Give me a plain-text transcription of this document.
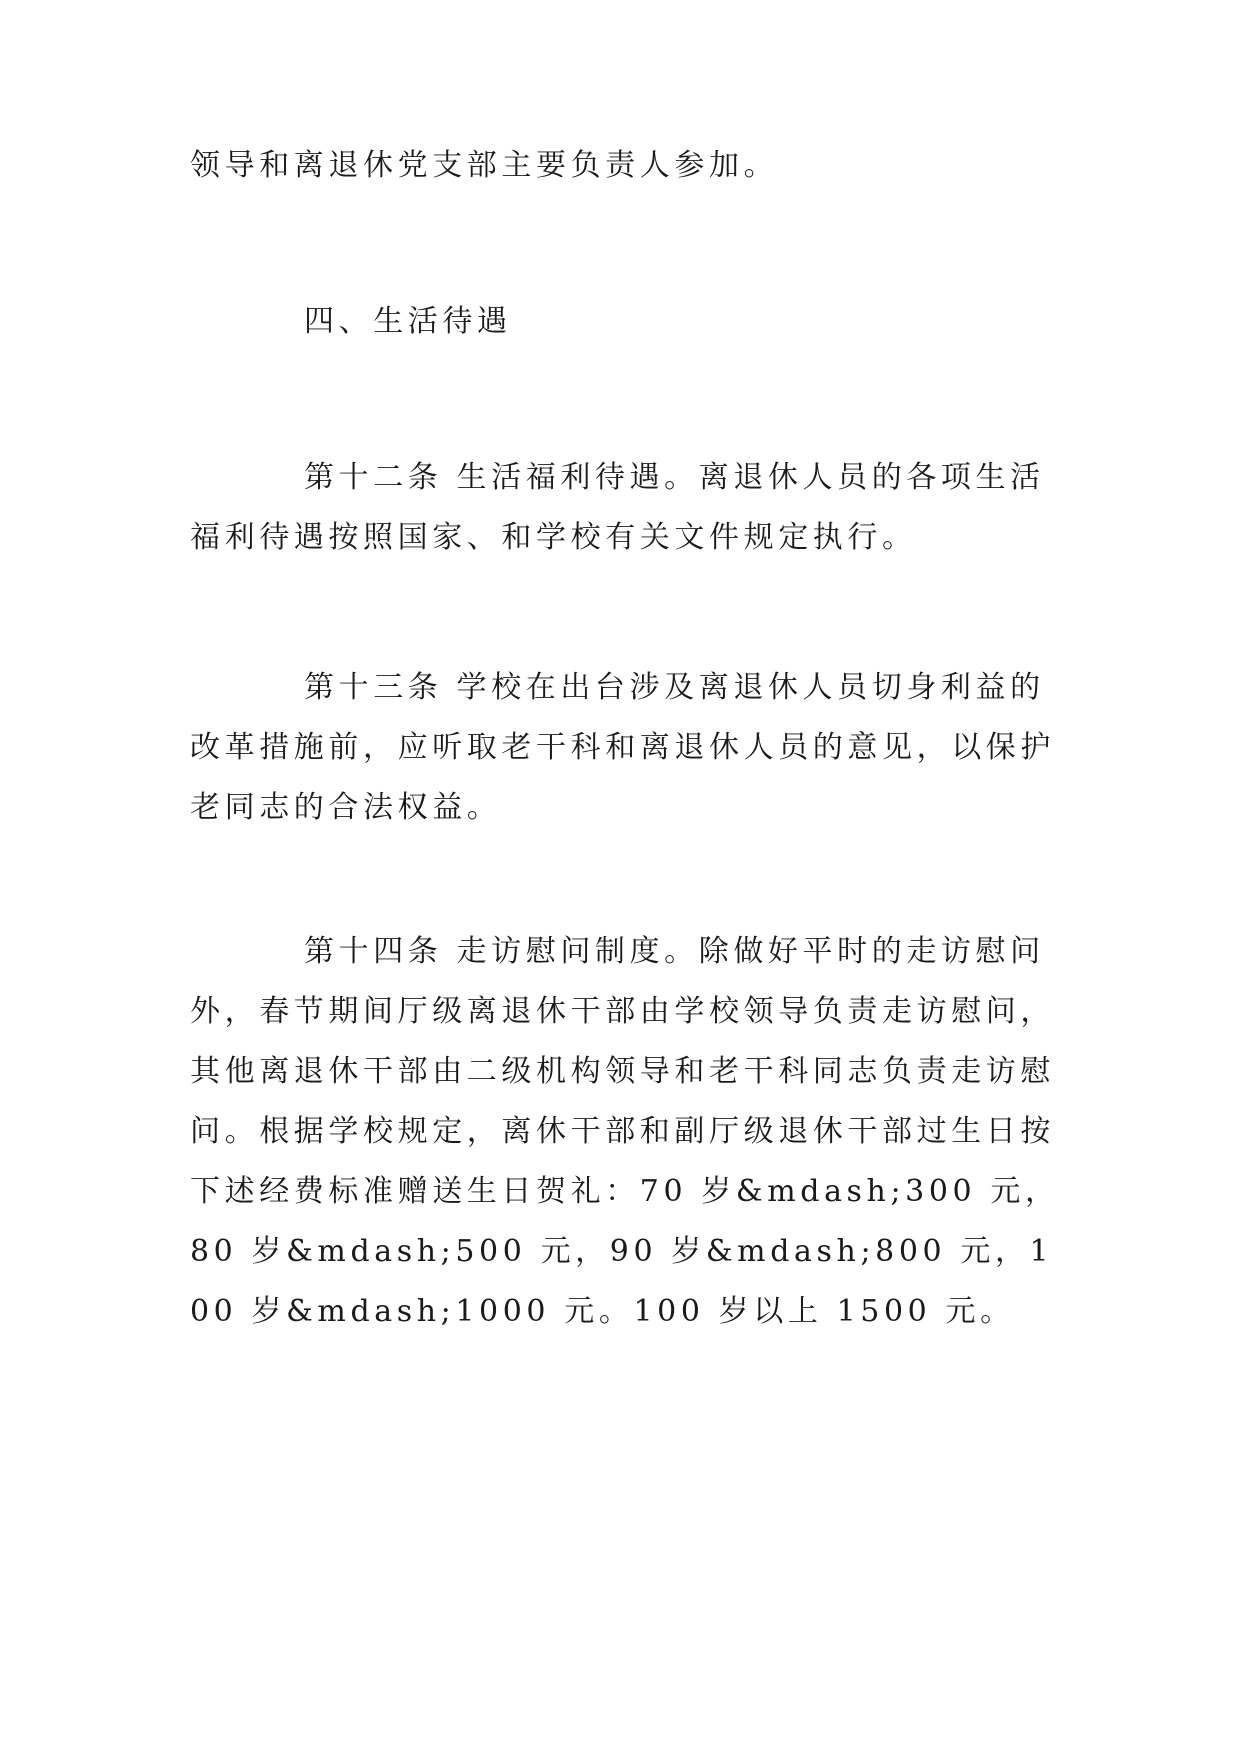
领导和离退休党支部主要负责人参加。
四、生活待遇
第十二条 生活福利待遇。离退休人员的各项生活福利待遇按照国家、和学校有关文件规定执行。
第十三条 学校在出台涉及离退休人员切身利益的改革措施前，应听取老干科和离退休人员的意见，以保护老同志的合法权益。
第十四条 走访慰问制度。除做好平时的走访慰问外，春节期间厅级离退休干部由学校领导负责走访慰问，其他离退休干部由二级机构领导和老干科同志负责走访慰问。根据学校规定，离休干部和副厅级退休干部过生日按下述经费标准赠送生日贺礼：70 岁&mdash;300 元，80 岁&mdash;500 元，90 岁&mdash;800 元，100 岁&mdash;1000 元。100 岁以上 1500 元。
